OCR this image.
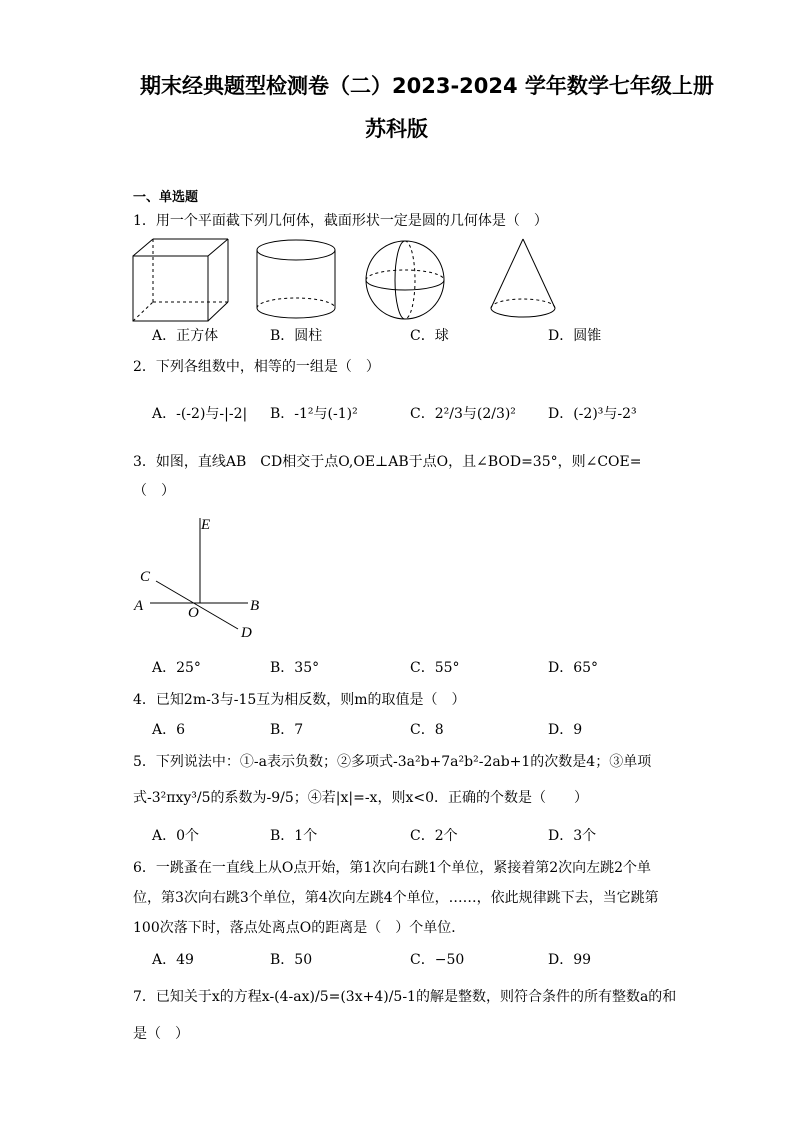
期末经典题型检测卷（二）2023-2024 学年数学七年级上册
苏科版
一、单选题
1．用一个平面截下列几何体，截面形状一定是圆的几何体是（　）
A．正方体	B．圆柱	C．球	D．圆锥
2．下列各组数中，相等的一组是（　）
A．-(-2)与-|-2| B．-1²与(-1)²	C．2²/3与(2/3)² D．(-2)³与-2³
3．如图，直线AB　CD相交于点O,OE⊥AB于点O，且∠BOD=35°，则∠COE=
（　）
E
C
A	O	B
D
A．25°	B．35°	C．55°	D．65°
4．已知2m-3与-15互为相反数，则m的取值是（　）
A．6	B．7	C．8	D．9
5．下列说法中：①-a表示负数；②多项式-3a²b+7a²b²-2ab+1的次数是4；③单项
式-3²πxy³/5的系数为-9/5；④若|x|=-x，则x<0．正确的个数是（　　）
A．0个	B．1个	C．2个	D．3个
6．一跳蚤在一直线上从O点开始，第1次向右跳1个单位，紧接着第2次向左跳2个单
位，第3次向右跳3个单位，第4次向左跳4个单位，……，依此规律跳下去，当它跳第
100次落下时，落点处离点O的距离是（　）个单位．
A．49	B．50	C．−50	D．99
7．已知关于x的方程x-(4-ax)/5=(3x+4)/5-1的解是整数，则符合条件的所有整数a的和
是（　）
